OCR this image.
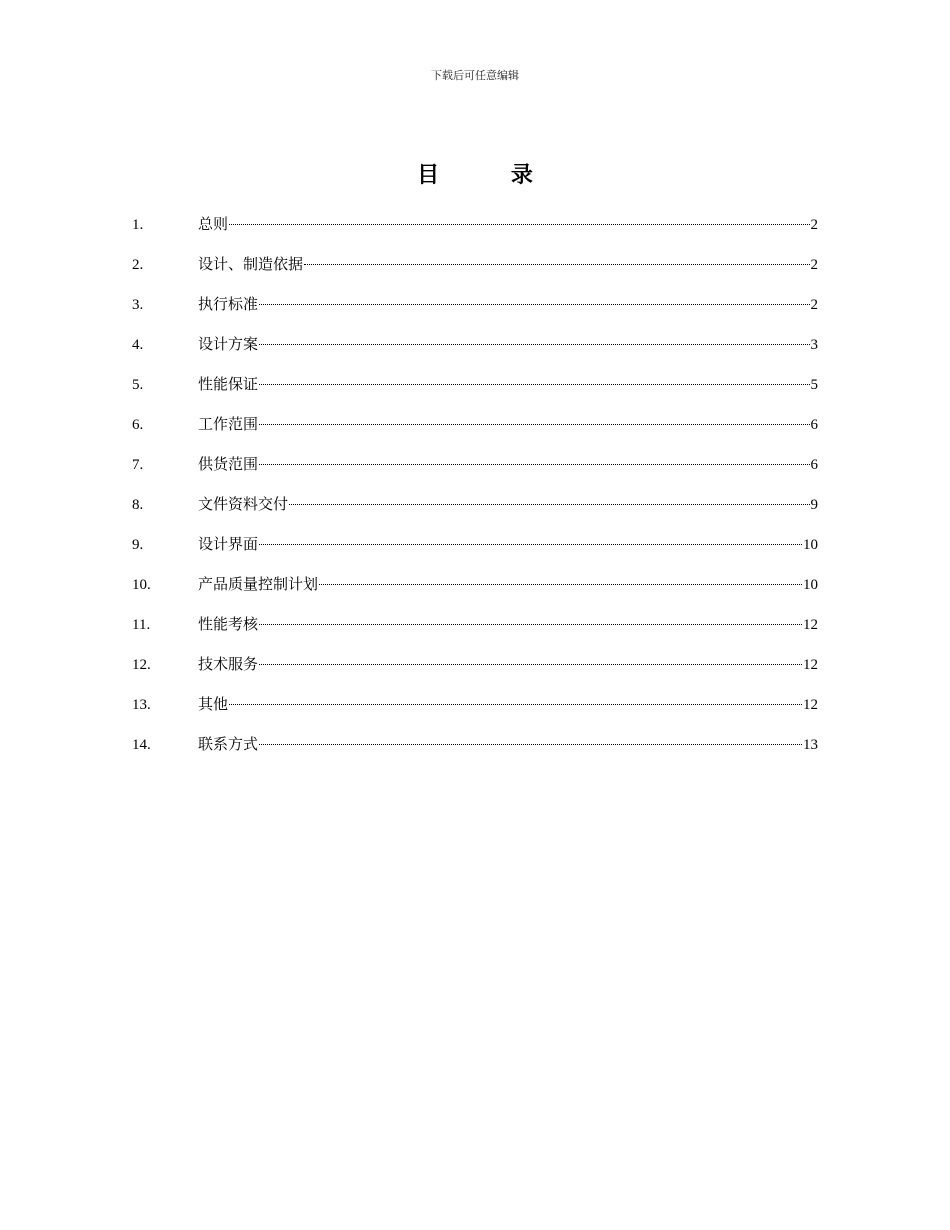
下载后可任意编辑
目 录
1.	总则	2
2.	设计、制造依据	2
3.	执行标准	2
4.	设计方案	3
5.	性能保证	5
6.	工作范围	6
7.	供货范围	6
8.	文件资料交付	9
9.	设计界面	10
10.	产品质量控制计划	10
11.	性能考核	12
12.	技术服务	12
13.	其他	12
14.	联系方式	13
